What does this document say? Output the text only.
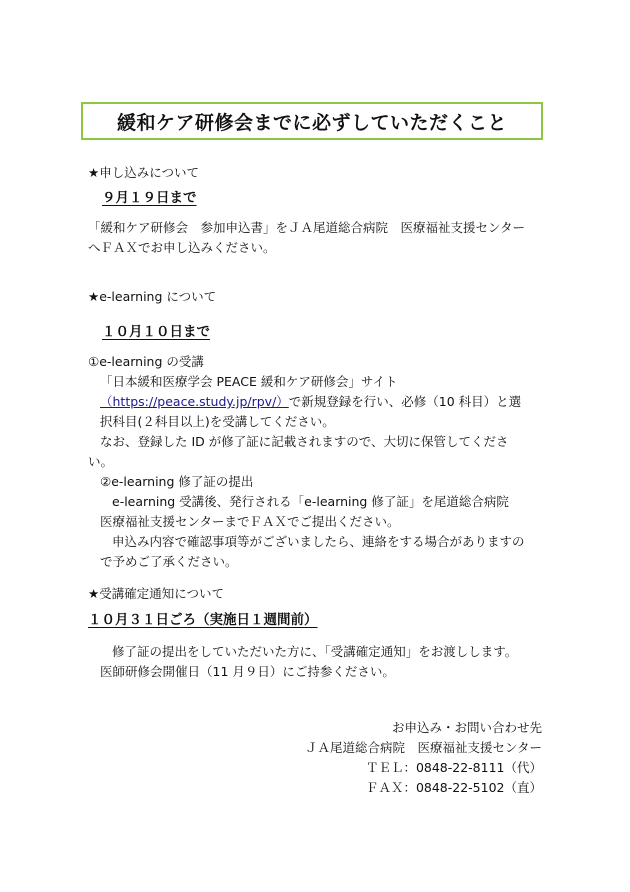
緩和ケア研修会までに必ずしていただくこと
★申し込みについて
９月１９日まで
「緩和ケア研修会　参加申込書」をＪＡ尾道総合病院　医療福祉支援センター
へＦＡＸでお申し込みください。
★e-learning について
１０月１０日まで
①e-learning の受講
「日本緩和医療学会 PEACE 緩和ケア研修会」サイト
（https://peace.study.jp/rpv/）で新規登録を行い、必修（10 科目）と選
択科目(２科目以上)を受講してください。
なお、登録した ID が修了証に記載されますので、大切に保管してくださ
い。
②e-learning 修了証の提出
e-learning 受講後、発行される「e-learning 修了証」を尾道総合病院
医療福祉支援センターまでＦＡＸでご提出ください。
申込み内容で確認事項等がございましたら、連絡をする場合がありますの
で予めご了承ください。
★受講確定通知について
１０月３１日ごろ（実施日１週間前）
修了証の提出をしていただいた方に、「受講確定通知」をお渡しします。
医師研修会開催日（11 月９日）にご持参ください。
お申込み・お問い合わせ先
ＪＡ尾道総合病院　医療福祉支援センター
ＴＥＬ：0848-22-8111（代）
ＦＡＸ：0848-22-5102（直）
